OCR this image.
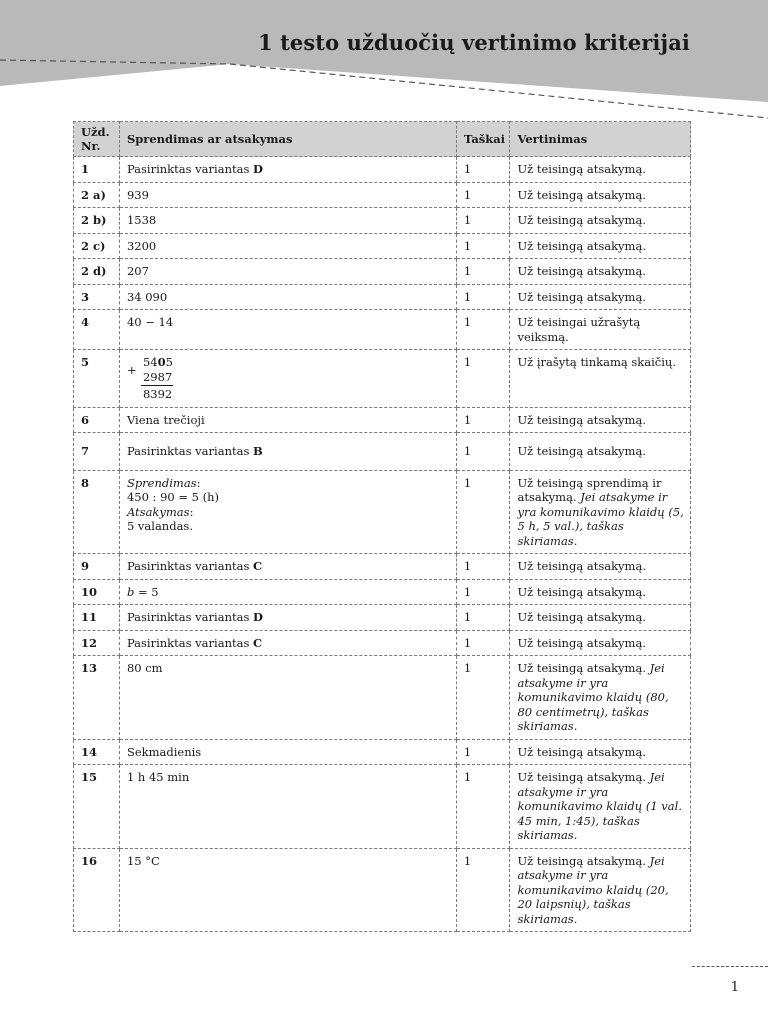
1 testo užduočių vertinimo kriterijai
Užd.
Nr.	Sprendimas ar atsakymas	Taškai	Vertinimas
1	Pasirinktas variantas D	1	Už teisingą atsakymą.
2 a)	939	1	Už teisingą atsakymą.
2 b)	1538	1	Už teisingą atsakymą.
2 c)	3200	1	Už teisingą atsakymą.
2 d)	207	1	Už teisingą atsakymą.
3	34 090	1	Už teisingą atsakymą.
4	40 − 14	1	Už teisingai užrašytą veiksmą.
5	+
5405
2987
8392	1	Už įrašytą tinkamą skaičių.
6	Viena trečioji	1	Už teisingą atsakymą.
7	Pasirinktas variantas B	1	Už teisingą atsakymą.
8	Sprendimas:
450 : 90 = 5 (h)
Atsakymas:
5 valandas.	1	Už teisingą sprendimą ir atsakymą. Jei atsakyme ir yra komunikavimo klaidų (5, 5 h, 5 val.), taškas skiriamas.
9	Pasirinktas variantas C	1	Už teisingą atsakymą.
10	b = 5	1	Už teisingą atsakymą.
11	Pasirinktas variantas D	1	Už teisingą atsakymą.
12	Pasirinktas variantas C	1	Už teisingą atsakymą.
13	80 cm	1	Už teisingą atsakymą. Jei atsakyme ir yra komunikavimo klaidų (80, 80 centimetrų), taškas skiriamas.
14	Sekmadienis	1	Už teisingą atsakymą.
15	1 h 45 min	1	Už teisingą atsakymą. Jei atsakyme ir yra komunikavimo klaidų (1 val. 45 min, 1:45), taškas skiriamas.
16	15 °C	1	Už teisingą atsakymą. Jei atsakyme ir yra komunikavimo klaidų (20, 20 laipsnių), taškas skiriamas.
1
